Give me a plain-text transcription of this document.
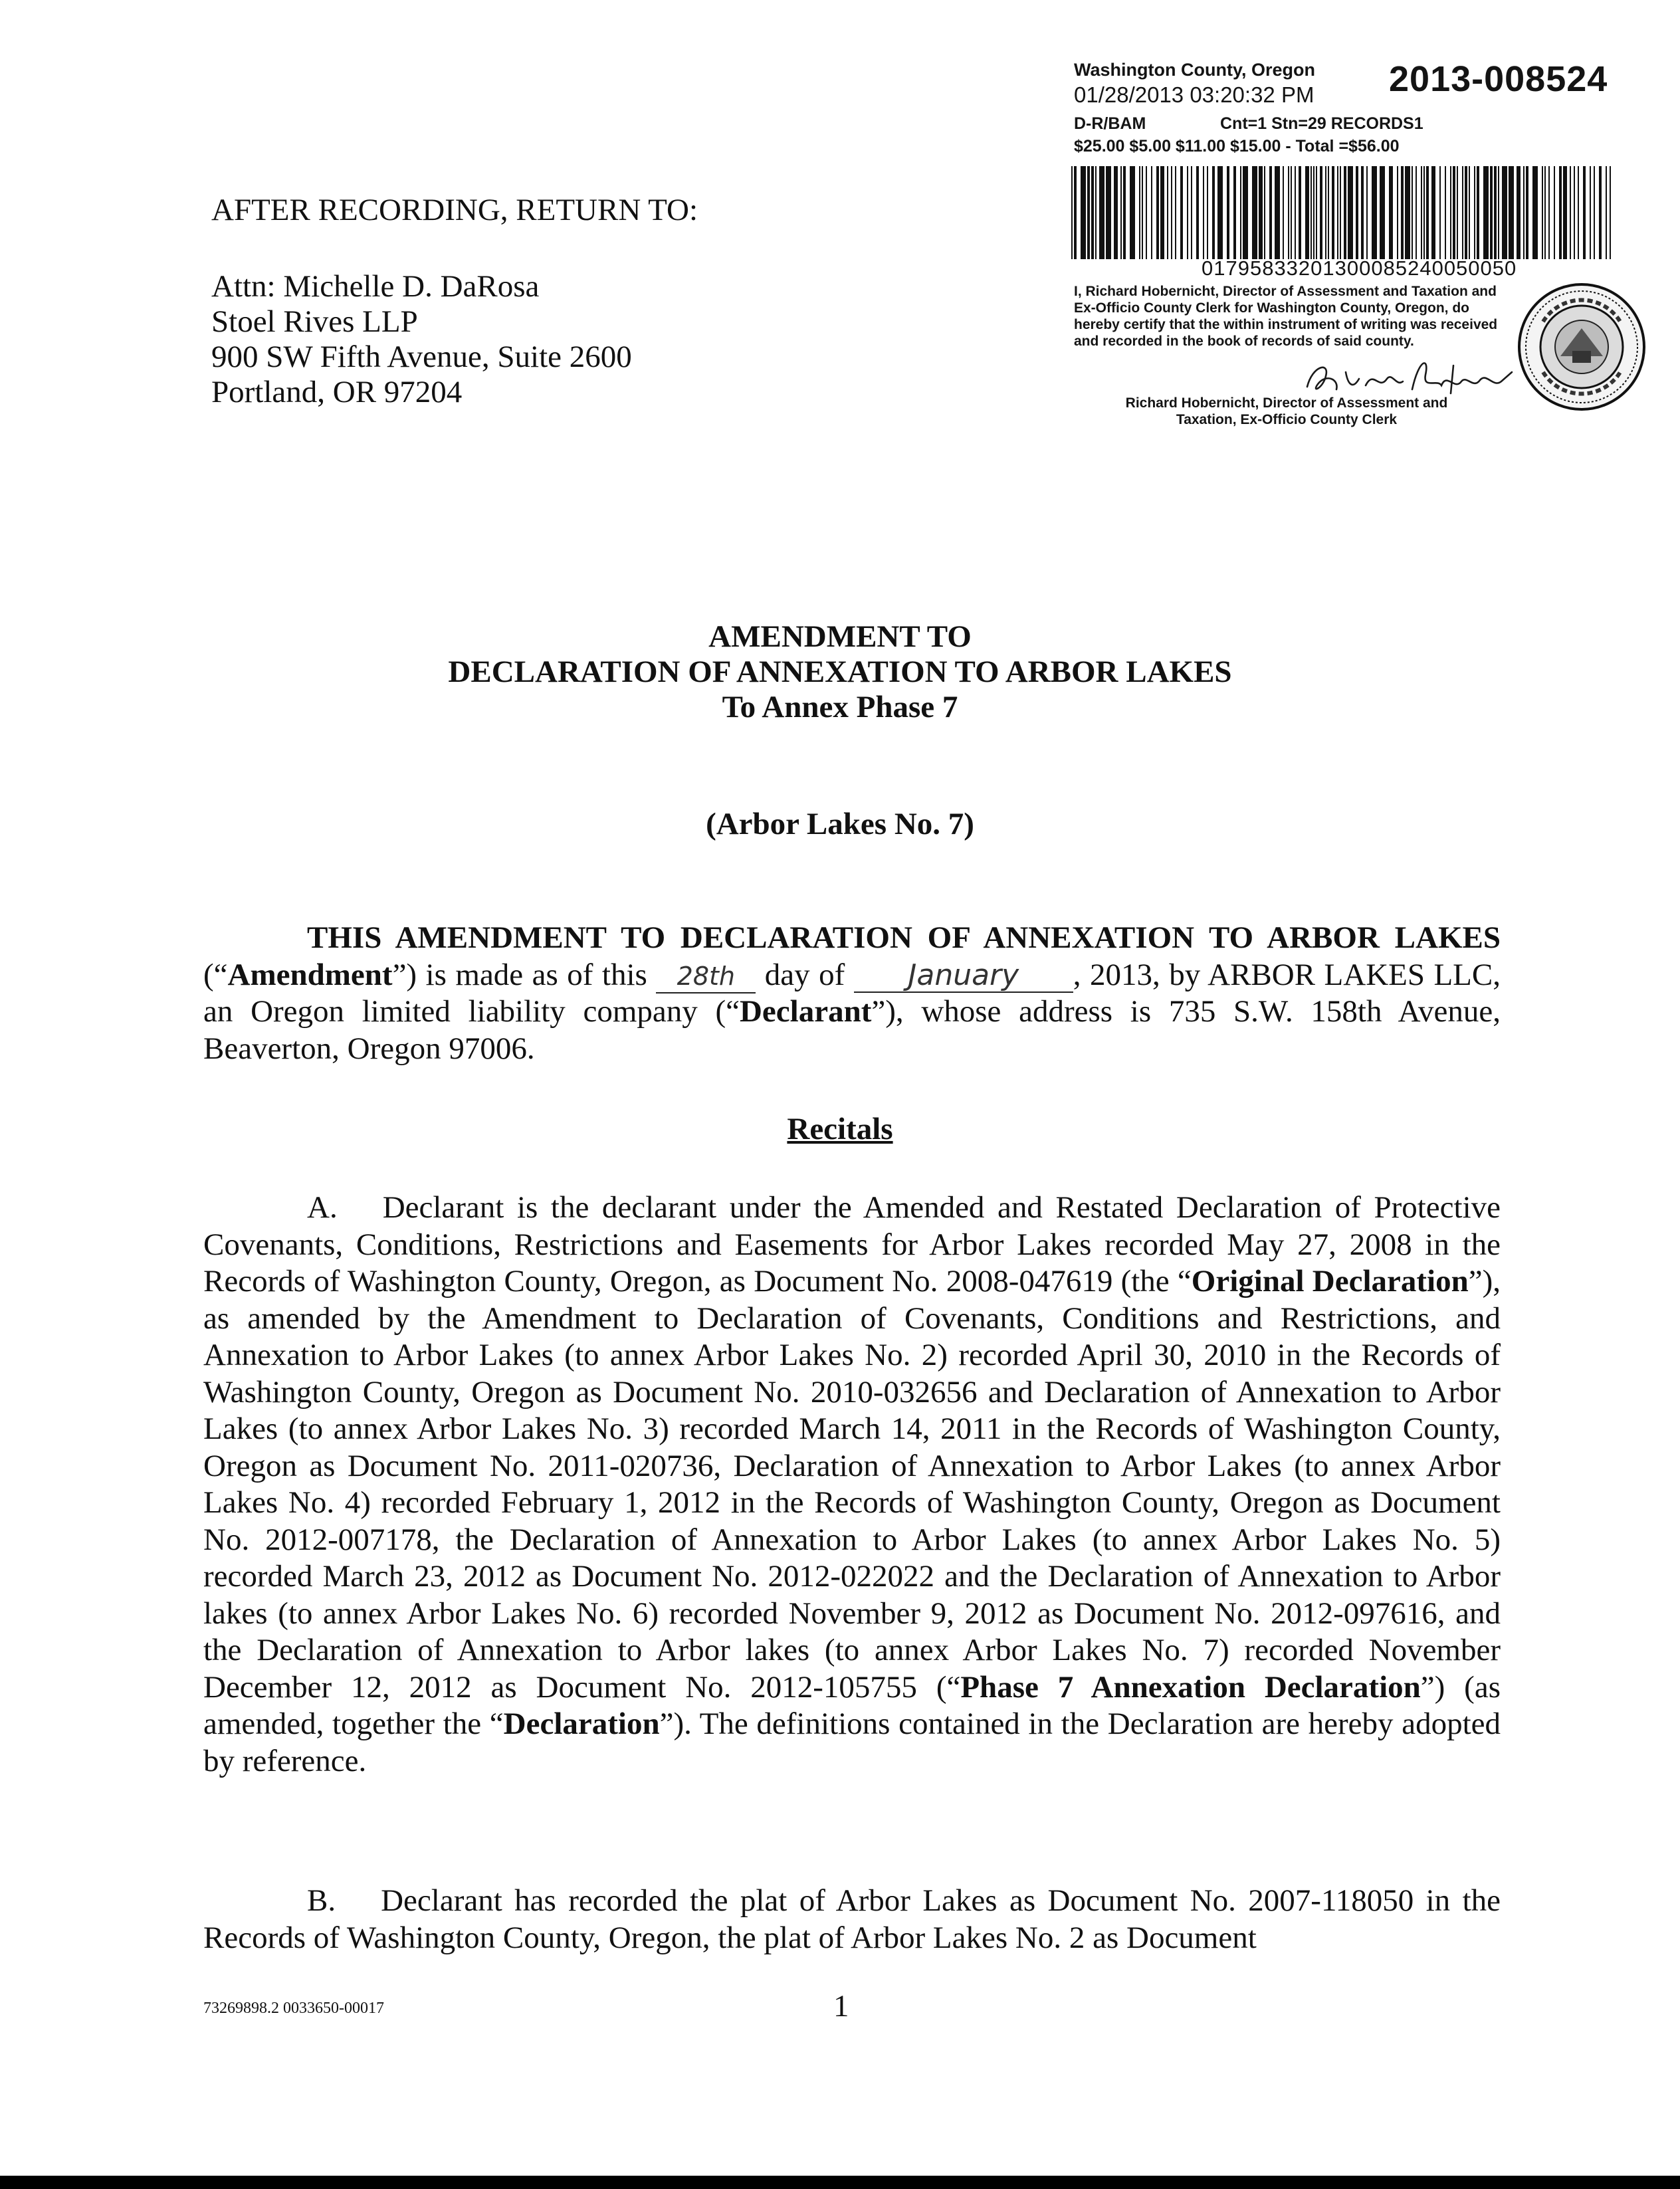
Washington County, Oregon 2013-008524
01/28/2013 03:20:32 PM
D-R/BAM	Cnt=1 Stn=29 RECORDS1
$25.00 $5.00 $11.00 $15.00 - Total =$56.00
01795833201300085240050050
I, Richard Hobernicht, Director of Assessment and Taxation and Ex-Officio County Clerk for Washington County, Oregon, do hereby certify that the within instrument of writing was received and recorded in the book of records of said county.
Richard Hobernicht, Director of Assessment and
Taxation, Ex-Officio County Clerk
AFTER RECORDING, RETURN TO:
Attn: Michelle D. DaRosa
Stoel Rives LLP
900 SW Fifth Avenue, Suite 2600
Portland, OR 97204
AMENDMENT TO
DECLARATION OF ANNEXATION TO ARBOR LAKES
To Annex Phase 7
(Arbor Lakes No. 7)
THIS AMENDMENT TO DECLARATION OF ANNEXATION TO ARBOR LAKES (“Amendment”) is made as of this 28th day of January , 2013, by ARBOR LAKES LLC, an Oregon limited liability company (“Declarant”), whose address is 735 S.W. 158th Avenue, Beaverton, Oregon 97006.
Recitals
A. Declarant is the declarant under the Amended and Restated Declaration of Protective Covenants, Conditions, Restrictions and Easements for Arbor Lakes recorded May 27, 2008 in the Records of Washington County, Oregon, as Document No. 2008-047619 (the “Original Declaration”), as amended by the Amendment to Declaration of Covenants, Conditions and Restrictions, and Annexation to Arbor Lakes (to annex Arbor Lakes No. 2) recorded April 30, 2010 in the Records of Washington County, Oregon as Document No. 2010-032656 and Declaration of Annexation to Arbor Lakes (to annex Arbor Lakes No. 3) recorded March 14, 2011 in the Records of Washington County, Oregon as Document No. 2011-020736, Declaration of Annexation to Arbor Lakes (to annex Arbor Lakes No. 4) recorded February 1, 2012 in the Records of Washington County, Oregon as Document No. 2012-007178, the Declaration of Annexation to Arbor Lakes (to annex Arbor Lakes No. 5) recorded March 23, 2012 as Document No. 2012-022022 and the Declaration of Annexation to Arbor lakes (to annex Arbor Lakes No. 6) recorded November 9, 2012 as Document No. 2012-097616, and the Declaration of Annexation to Arbor lakes (to annex Arbor Lakes No. 7) recorded November December 12, 2012 as Document No. 2012-105755 (“Phase 7 Annexation Declaration”) (as amended, together the “Declaration”). The definitions contained in the Declaration are hereby adopted by reference.
B. Declarant has recorded the plat of Arbor Lakes as Document No. 2007-118050 in the Records of Washington County, Oregon, the plat of Arbor Lakes No. 2 as Document
73269898.2 0033650-00017	1
